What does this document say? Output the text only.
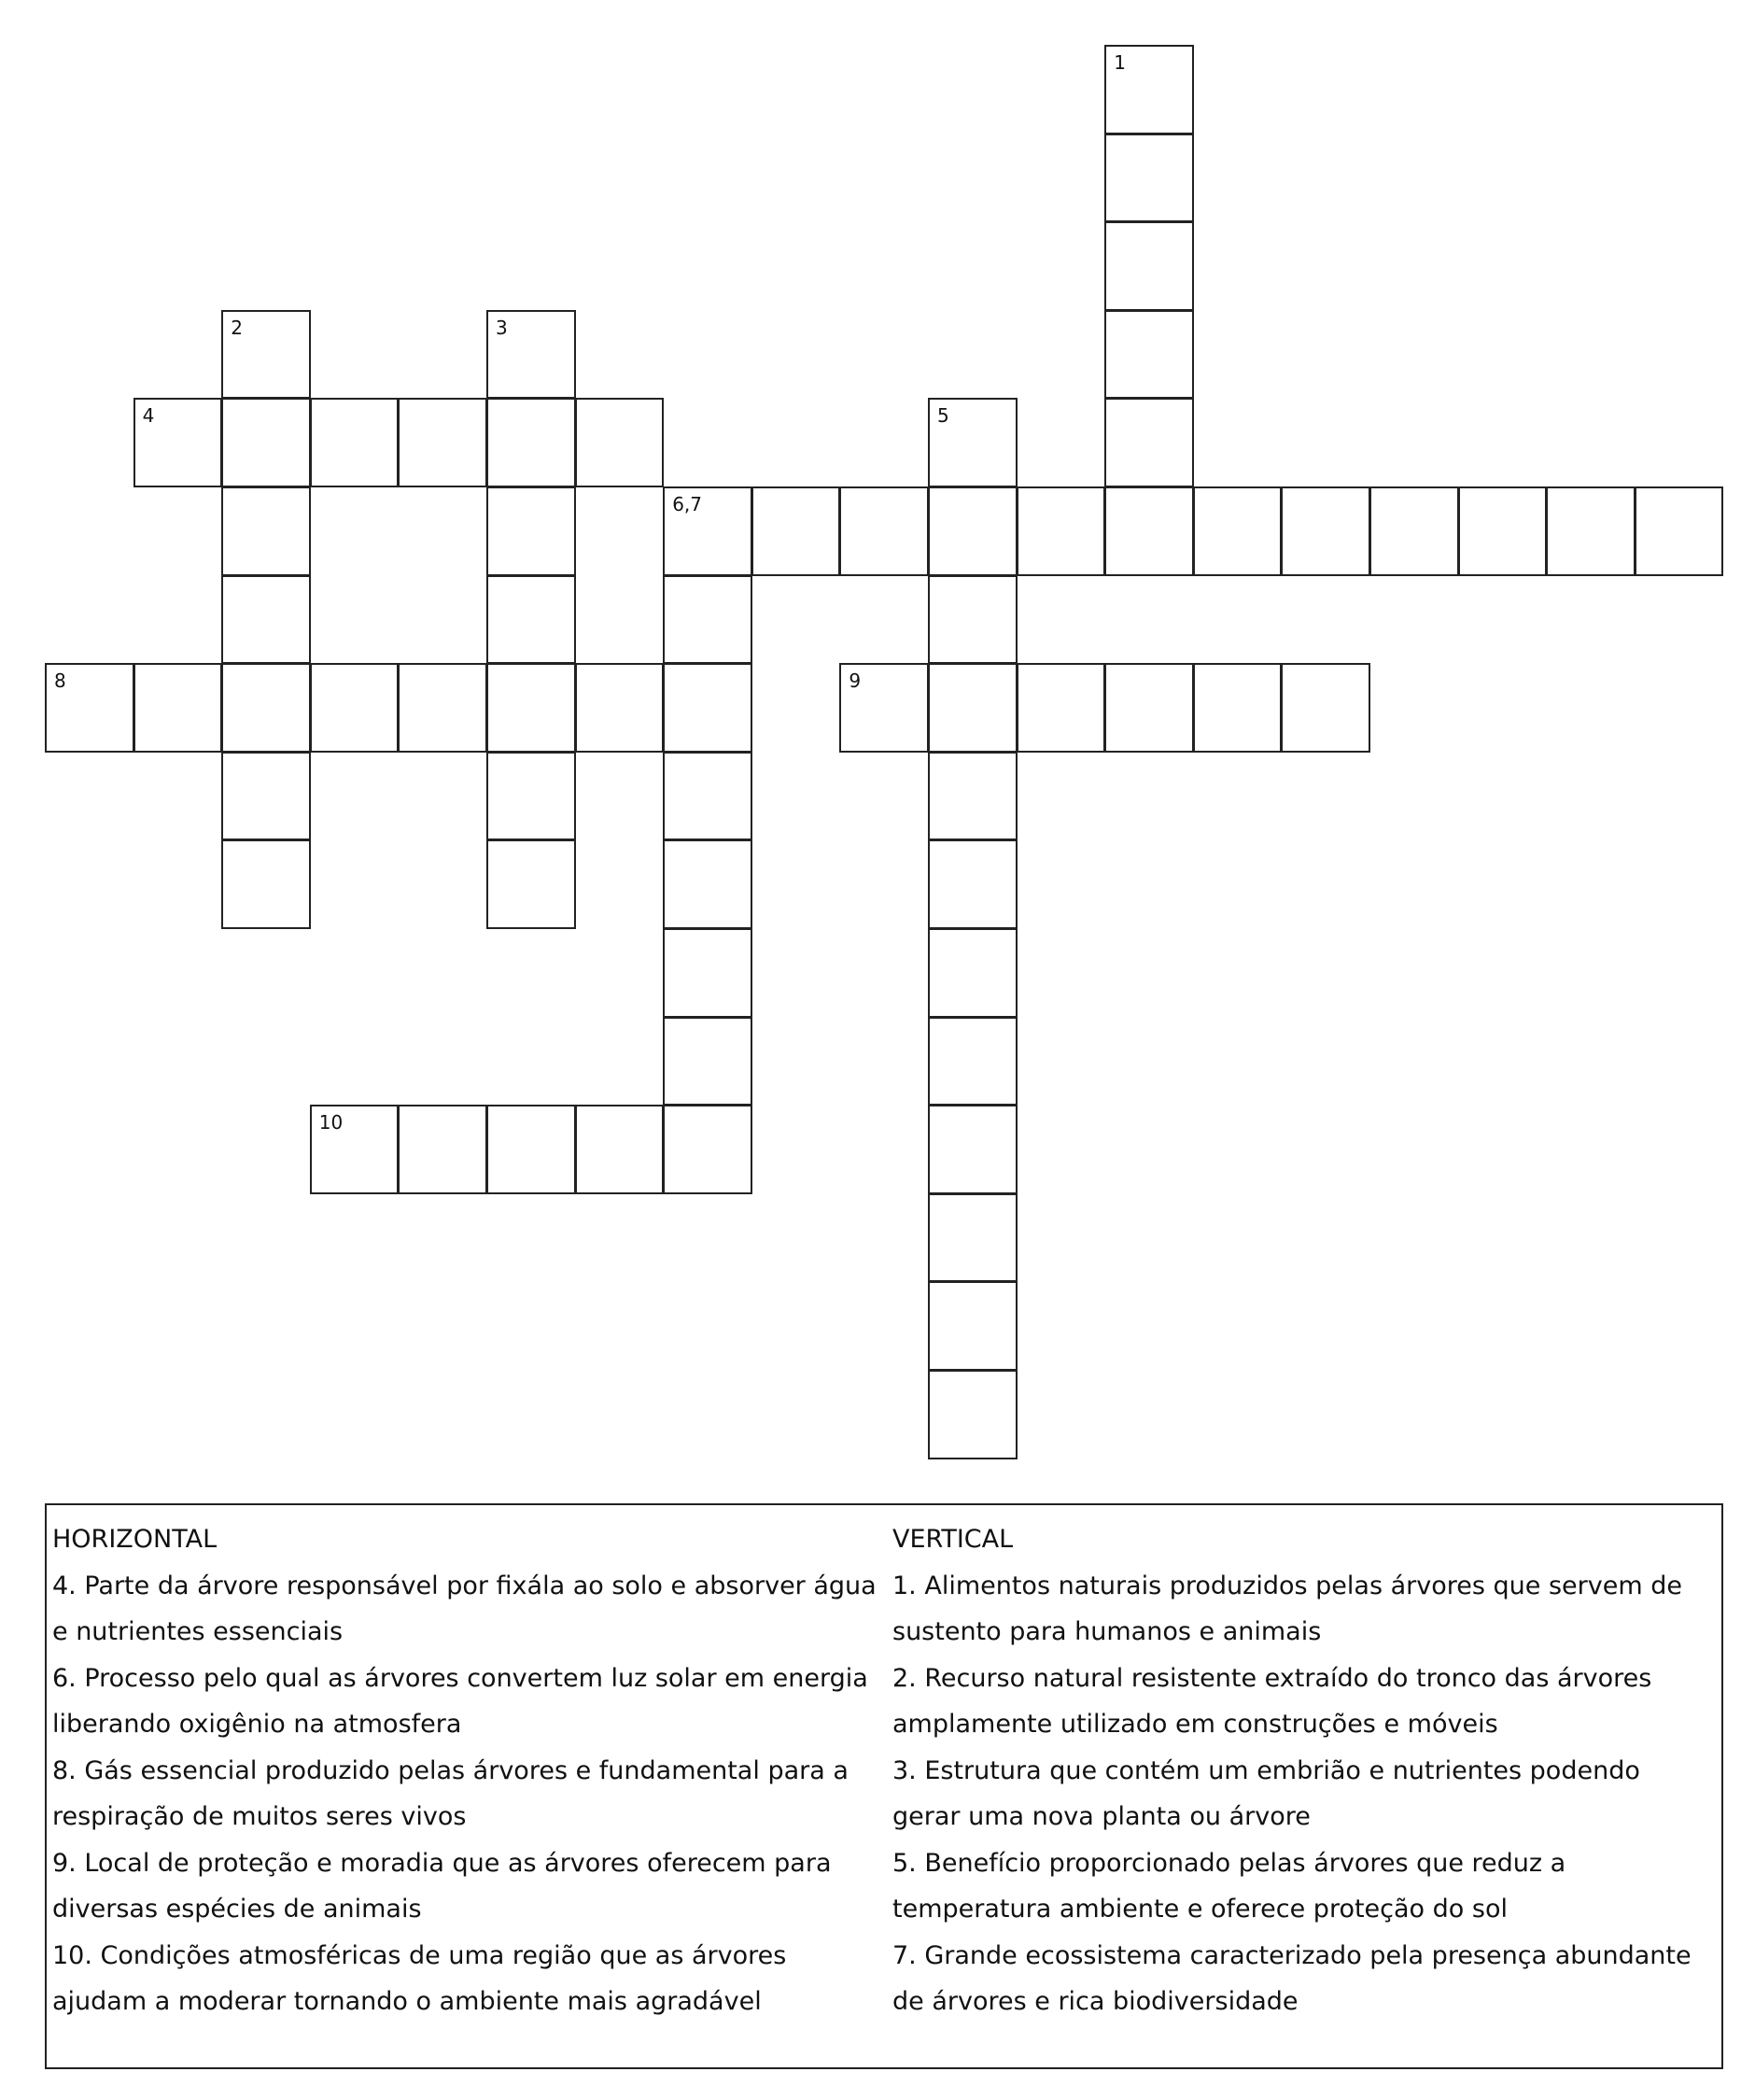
1
2	3
4	5
6,7
8	9
10

HORIZONTAL

4. Parte da árvore responsável por fixála ao solo e absorver água e nutrientes essenciais

6. Processo pelo qual as árvores convertem luz solar em energia liberando oxigênio na atmosfera

8. Gás essencial produzido pelas árvores e fundamental para a respiração de muitos seres vivos

9. Local de proteção e moradia que as árvores oferecem para diversas espécies de animais

10. Condições atmosféricas de uma região que as árvores ajudam a moderar tornando o ambiente mais agradável

VERTICAL

1. Alimentos naturais produzidos pelas árvores que servem de sustento para humanos e animais

2. Recurso natural resistente extraído do tronco das árvores amplamente utilizado em construções e móveis

3. Estrutura que contém um embrião e nutrientes podendo gerar uma nova planta ou árvore

5. Benefício proporcionado pelas árvores que reduz a temperatura ambiente e oferece proteção do sol

7. Grande ecossistema caracterizado pela presença abundante de árvores e rica biodiversidade
